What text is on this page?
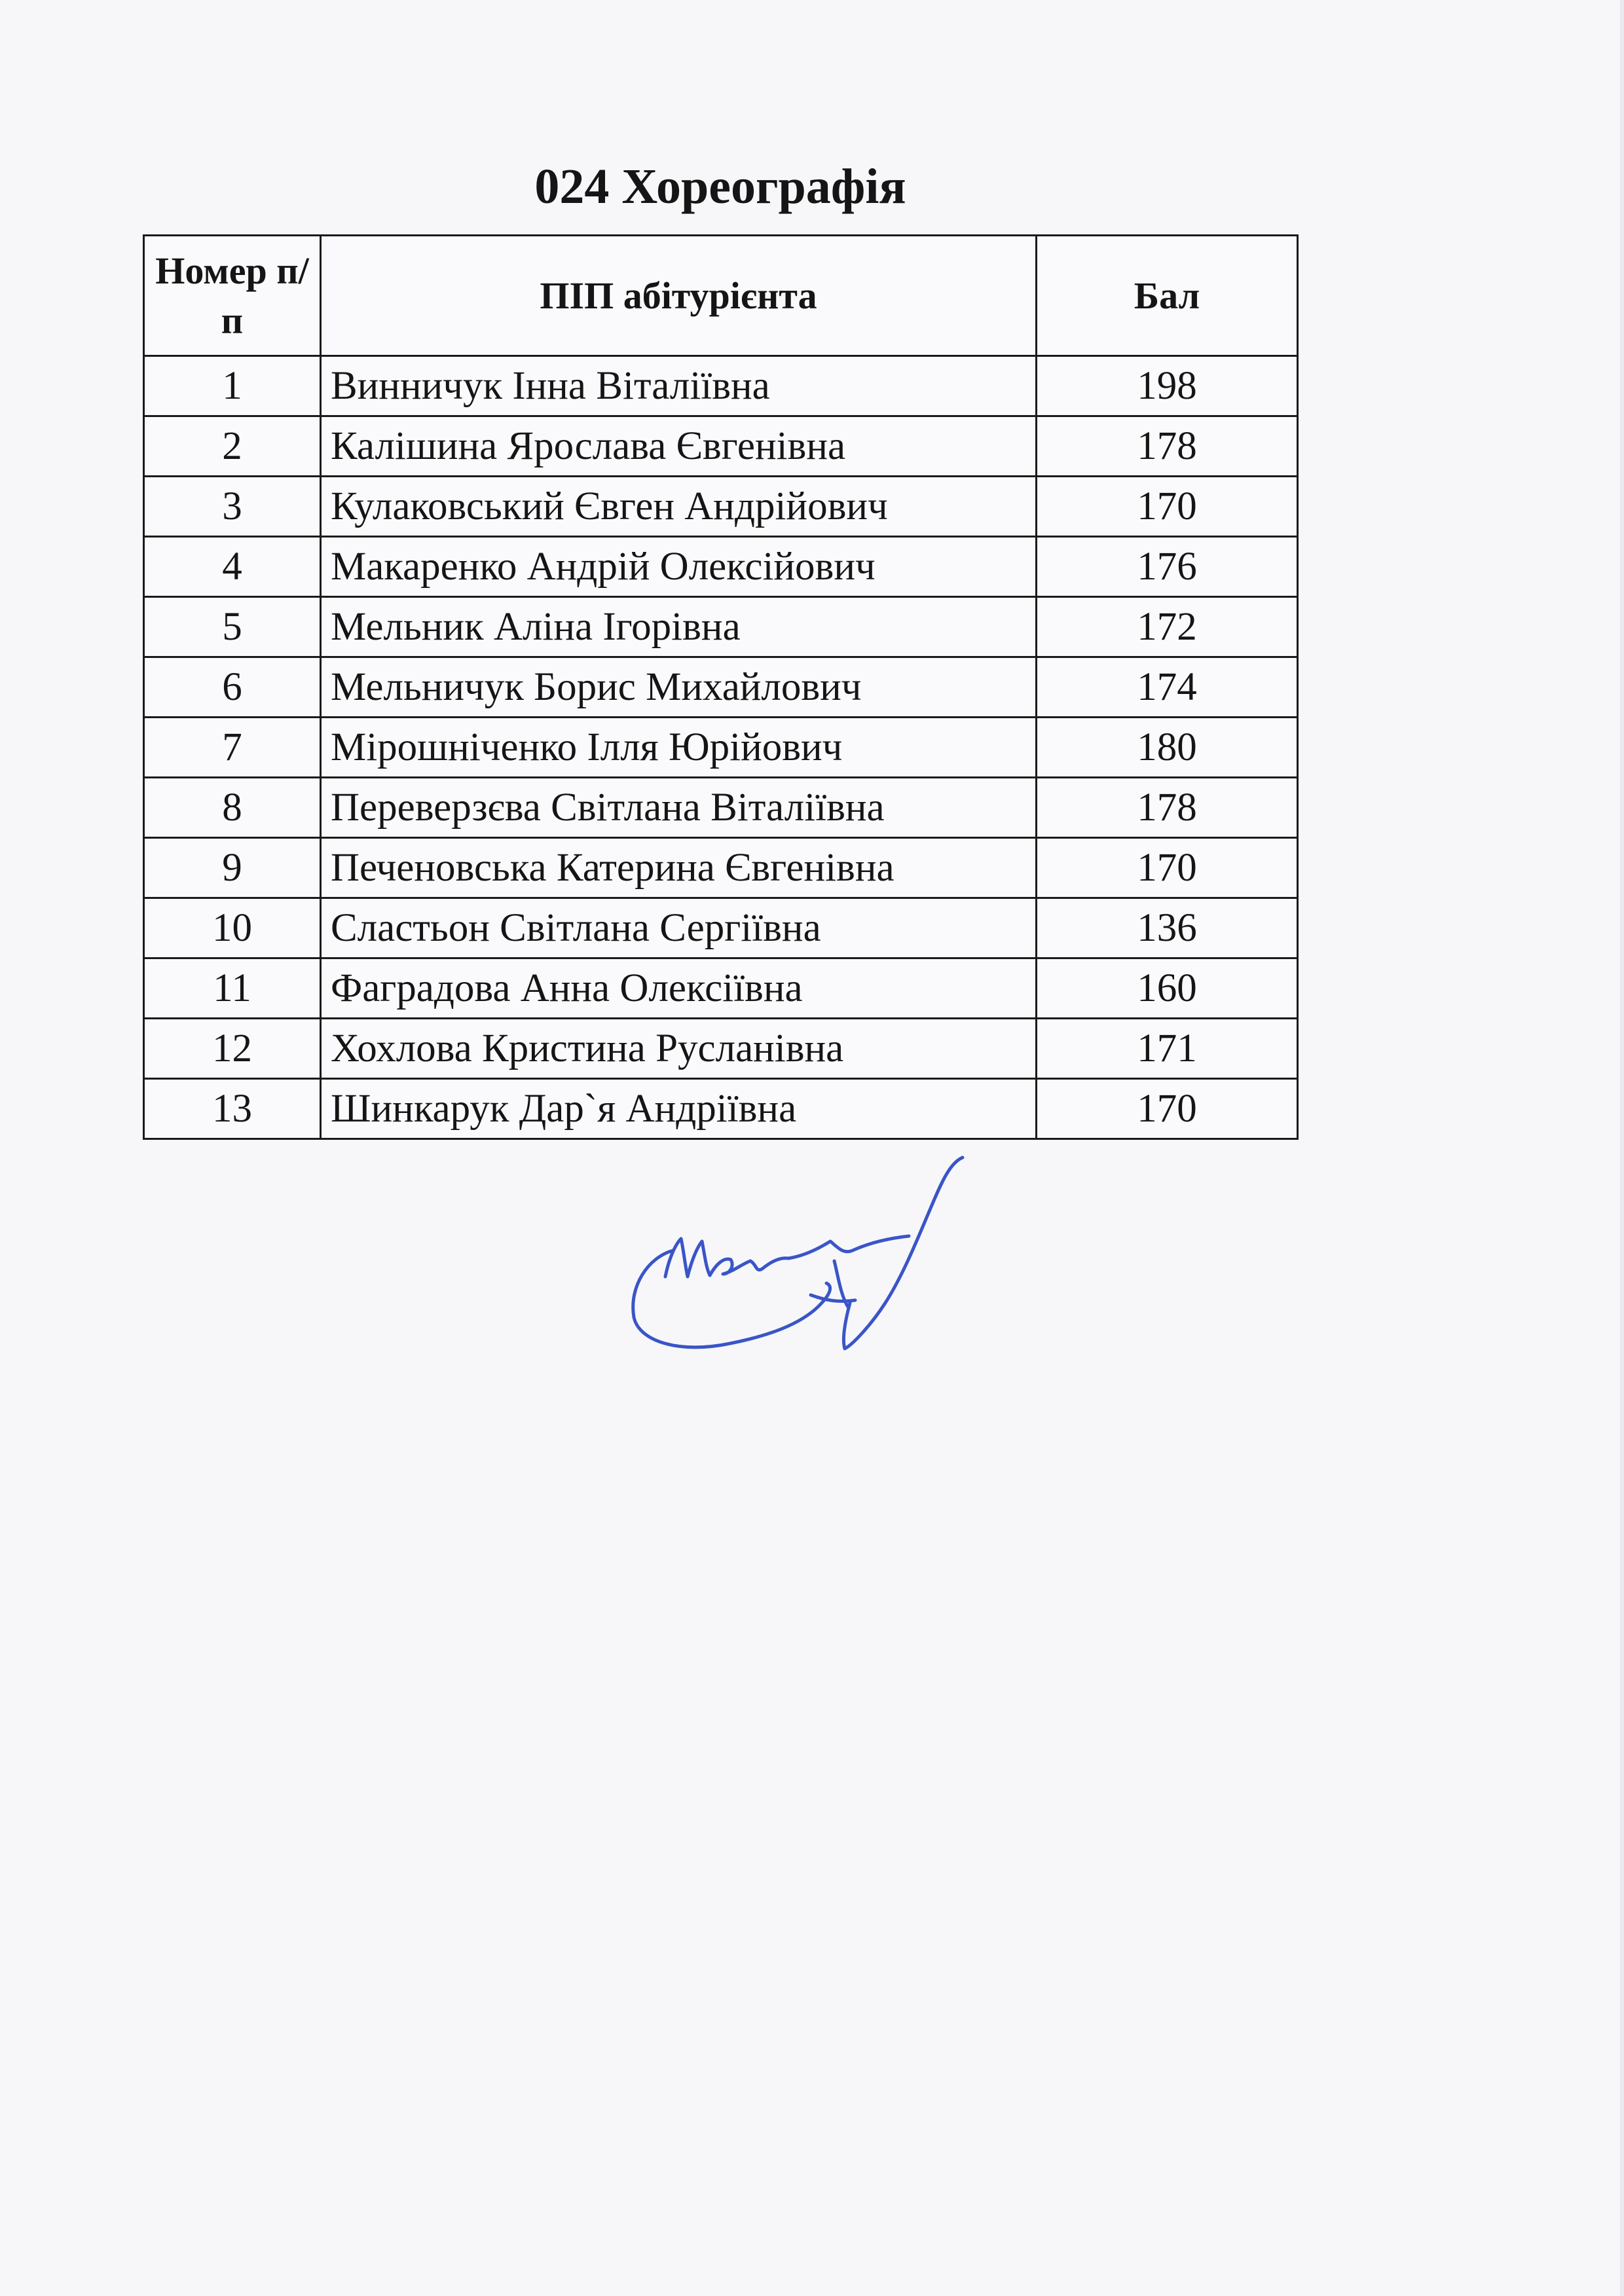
024 Хореографія
Номер п/п	ПІП абітурієнта	Бал
1	Винничук Інна Віталіївна	198
2	Калішина Ярослава Євгенівна	178
3	Кулаковський Євген Андрійович	170
4	Макаренко Андрій Олексійович	176
5	Мельник Аліна Ігорівна	172
6	Мельничук Борис Михайлович	174
7	Мірошніченко Ілля Юрійович	180
8	Переверзєва Світлана Віталіївна	178
9	Печеновська Катерина Євгенівна	170
10	Сластьон Світлана Сергіївна	136
11	Фаградова Анна Олексіївна	160
12	Хохлова Кристина Русланівна	171
13	Шинкарук Дар`я Андріївна	170
